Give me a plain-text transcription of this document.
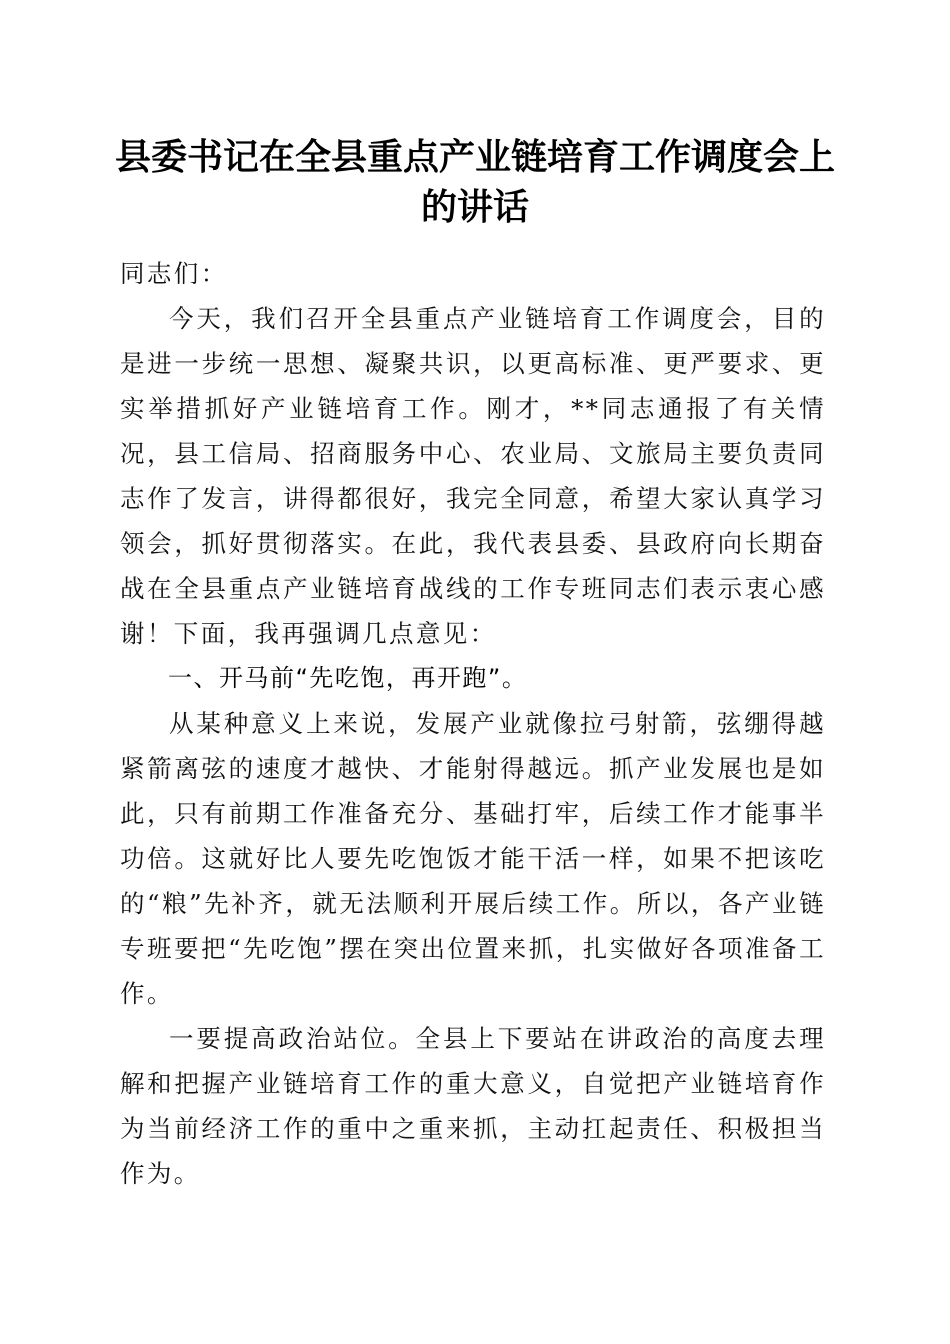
县委书记在全县重点产业链培育工作调度会上
的讲话

同志们：

今天，我们召开全县重点产业链培育工作调度会，目的是进一步统一思想、凝聚共识，以更高标准、更严要求、更实举措抓好产业链培育工作。刚才，**同志通报了有关情况，县工信局、招商服务中心、农业局、文旅局主要负责同志作了发言，讲得都很好，我完全同意，希望大家认真学习领会，抓好贯彻落实。在此，我代表县委、县政府向长期奋战在全县重点产业链培育战线的工作专班同志们表示衷心感谢！下面，我再强调几点意见：

一、开马前“先吃饱，再开跑”。

从某种意义上来说，发展产业就像拉弓射箭，弦绷得越紧箭离弦的速度才越快、才能射得越远。抓产业发展也是如此，只有前期工作准备充分、基础打牢，后续工作才能事半功倍。这就好比人要先吃饱饭才能干活一样，如果不把该吃的“粮”先补齐，就无法顺利开展后续工作。所以，各产业链专班要把“先吃饱”摆在突出位置来抓，扎实做好各项准备工作。

一要提高政治站位。全县上下要站在讲政治的高度去理解和把握产业链培育工作的重大意义，自觉把产业链培育作为当前经济工作的重中之重来抓，主动扛起责任、积极担当作为。
